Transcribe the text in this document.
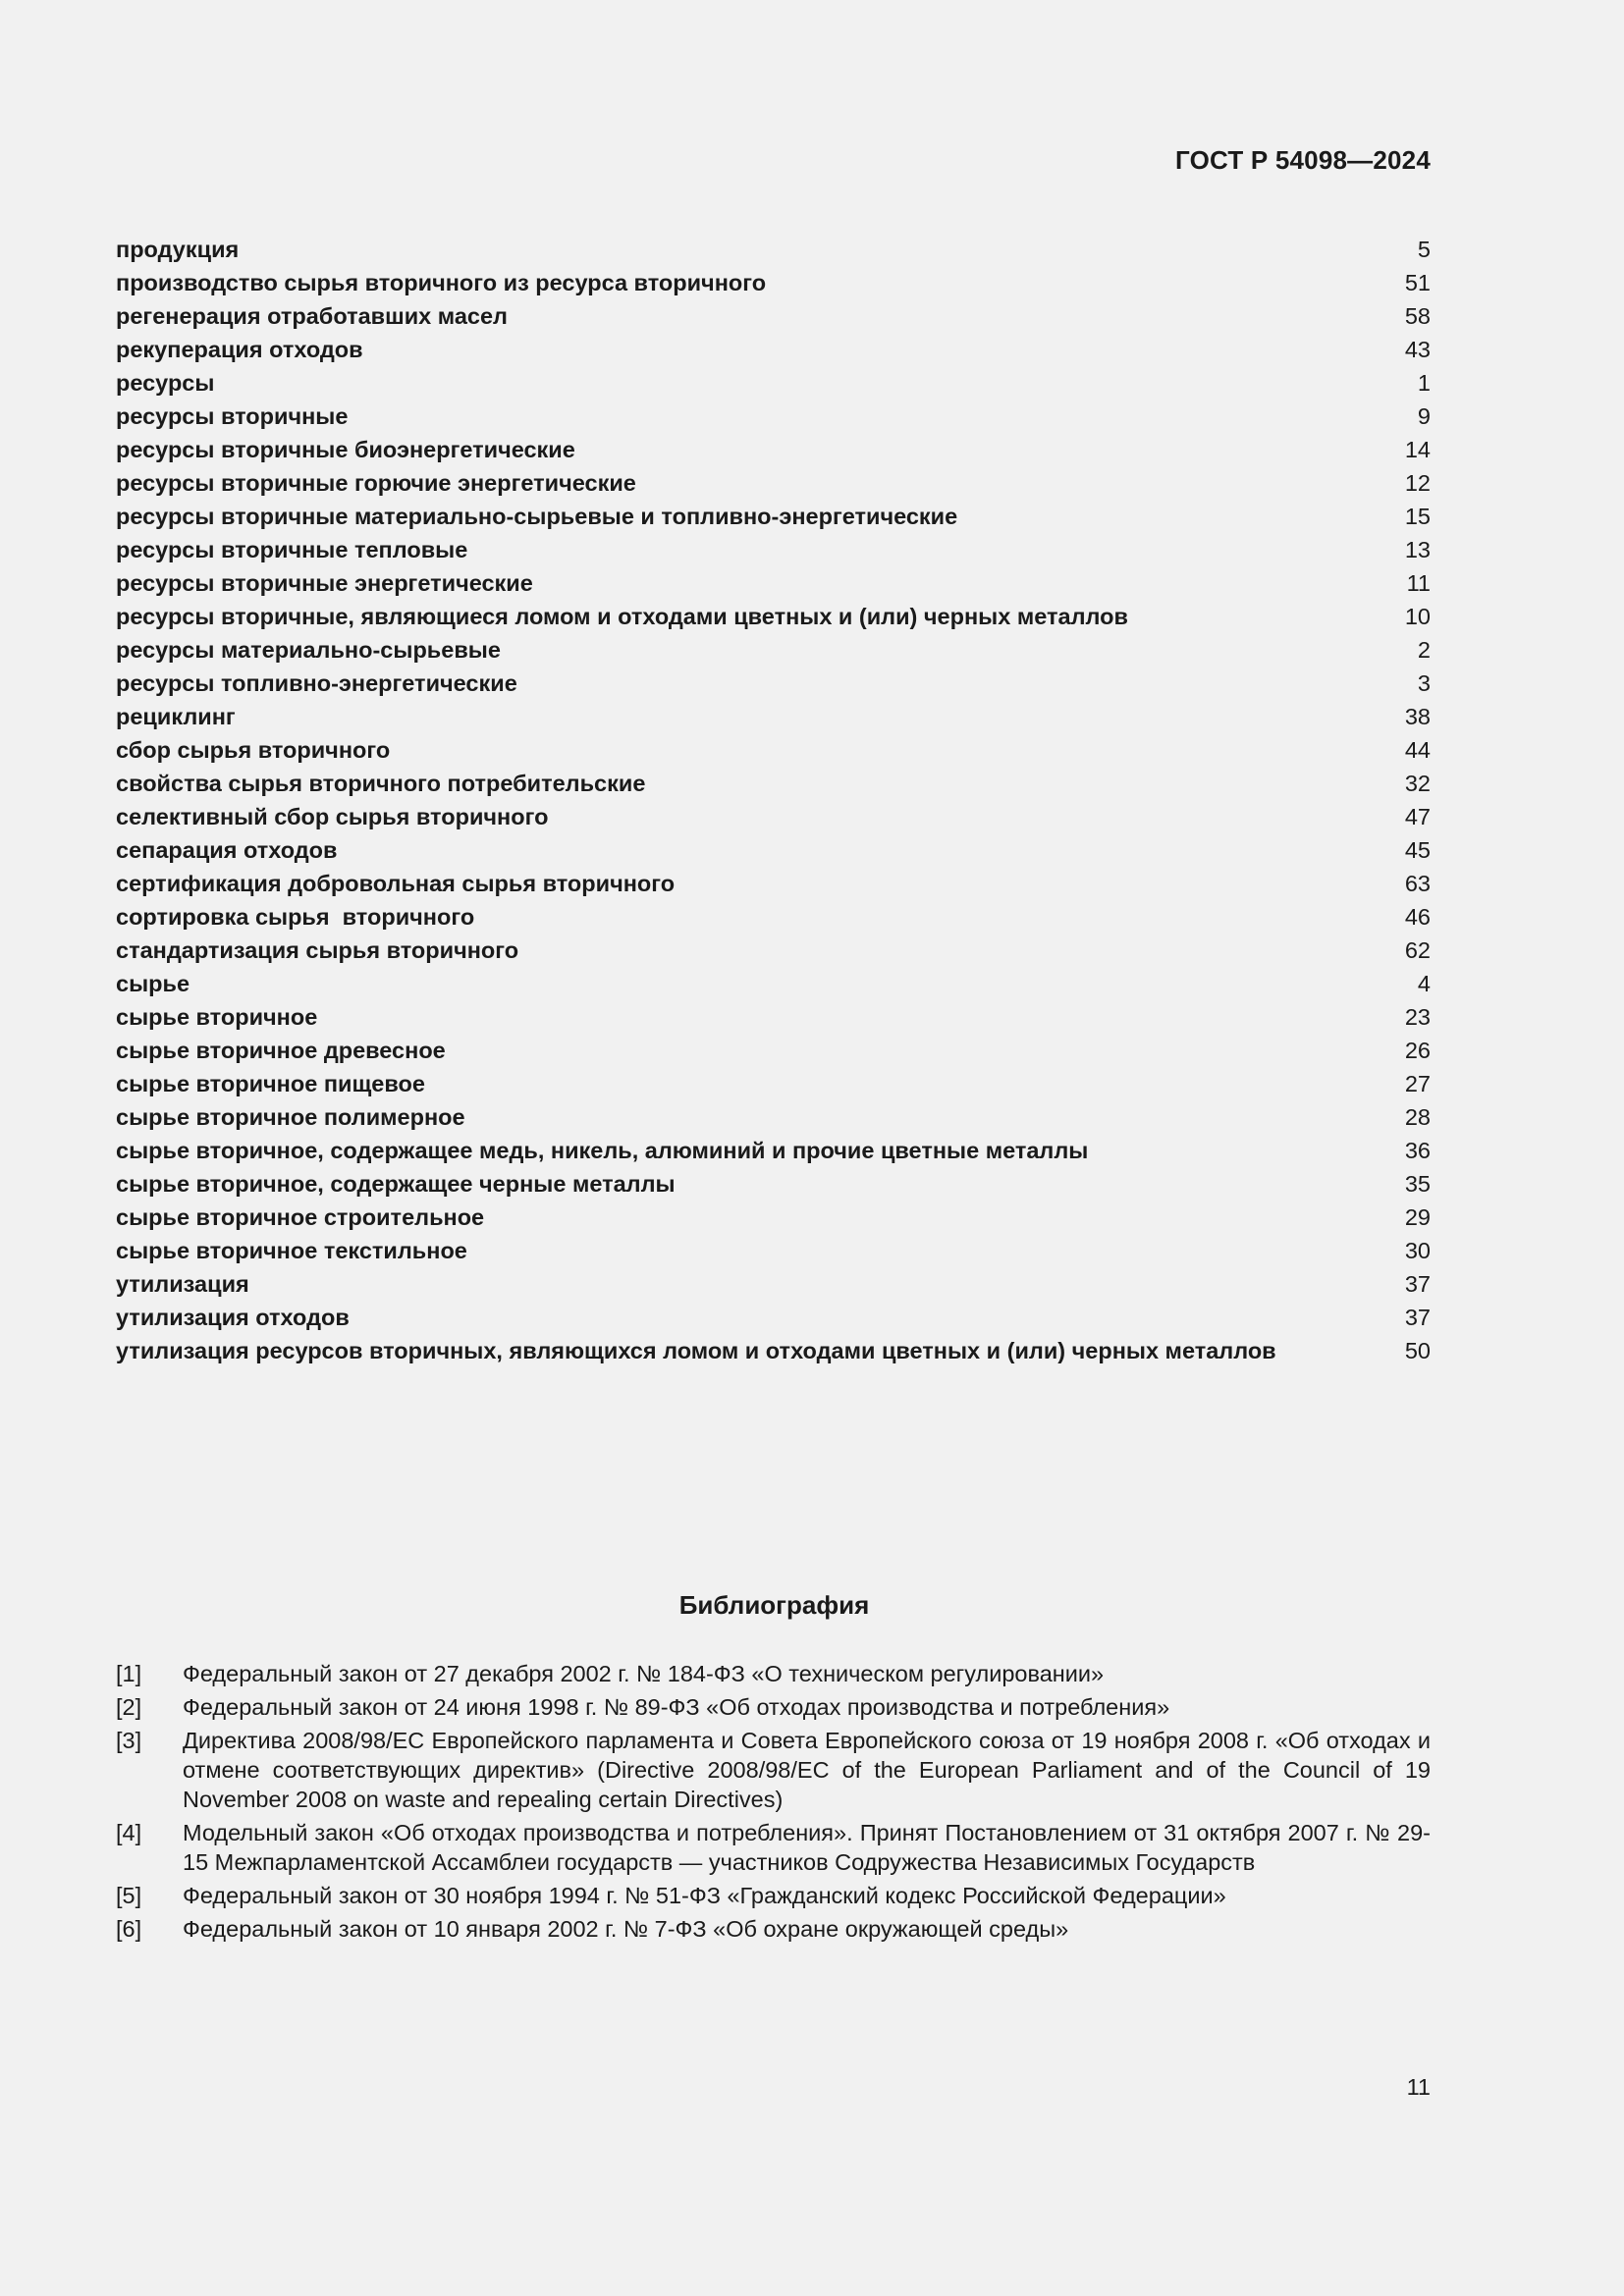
ГОСТ Р 54098—2024
продукция	5
производство сырья вторичного из ресурса вторичного	51
регенерация отработавших масел	58
рекуперация отходов	43
ресурсы	1
ресурсы вторичные	9
ресурсы вторичные биоэнергетические	14
ресурсы вторичные горючие энергетические	12
ресурсы вторичные материально-сырьевые и топливно-энергетические	15
ресурсы вторичные тепловые	13
ресурсы вторичные энергетические	11
ресурсы вторичные, являющиеся ломом и отходами цветных и (или) черных металлов	10
ресурсы материально-сырьевые	2
ресурсы топливно-энергетические	3
рециклинг	38
сбор сырья вторичного	44
свойства сырья вторичного потребительские	32
селективный сбор сырья вторичного	47
сепарация отходов	45
сертификация добровольная сырья вторичного	63
сортировка сырья  вторичного	46
стандартизация сырья вторичного	62
сырье	4
сырье вторичное	23
сырье вторичное древесное	26
сырье вторичное пищевое	27
сырье вторичное полимерное	28
сырье вторичное, содержащее медь, никель, алюминий и прочие цветные металлы	36
сырье вторичное, содержащее черные металлы	35
сырье вторичное строительное	29
сырье вторичное текстильное	30
утилизация	37
утилизация отходов	37
утилизация ресурсов вторичных, являющихся ломом и отходами цветных и (или) черных металлов	50
Библиография
[1]	Федеральный закон от 27 декабря 2002 г. № 184-ФЗ «О техническом регулировании»
[2]	Федеральный закон от 24 июня 1998 г. № 89-ФЗ «Об отходах производства и потребления»
[3]	Директива 2008/98/ЕС Европейского парламента и Совета Европейского союза от 19 ноября 2008 г. «Об отходах и отмене соответствующих директив» (Directive 2008/98/EC of the European Parliament and of the Council of 19 November 2008 on waste and repealing certain Directives)
[4]	Модельный закон «Об отходах производства и потребления». Принят Постановлением от 31 октября 2007 г. № 29-15 Межпарламентской Ассамблеи государств — участников Содружества Независимых Государств
[5]	Федеральный закон от 30 ноября 1994 г. № 51-ФЗ «Гражданский кодекс Российской Федерации»
[6]	Федеральный закон от 10 января 2002 г. № 7-ФЗ «Об охране окружающей среды»
11
